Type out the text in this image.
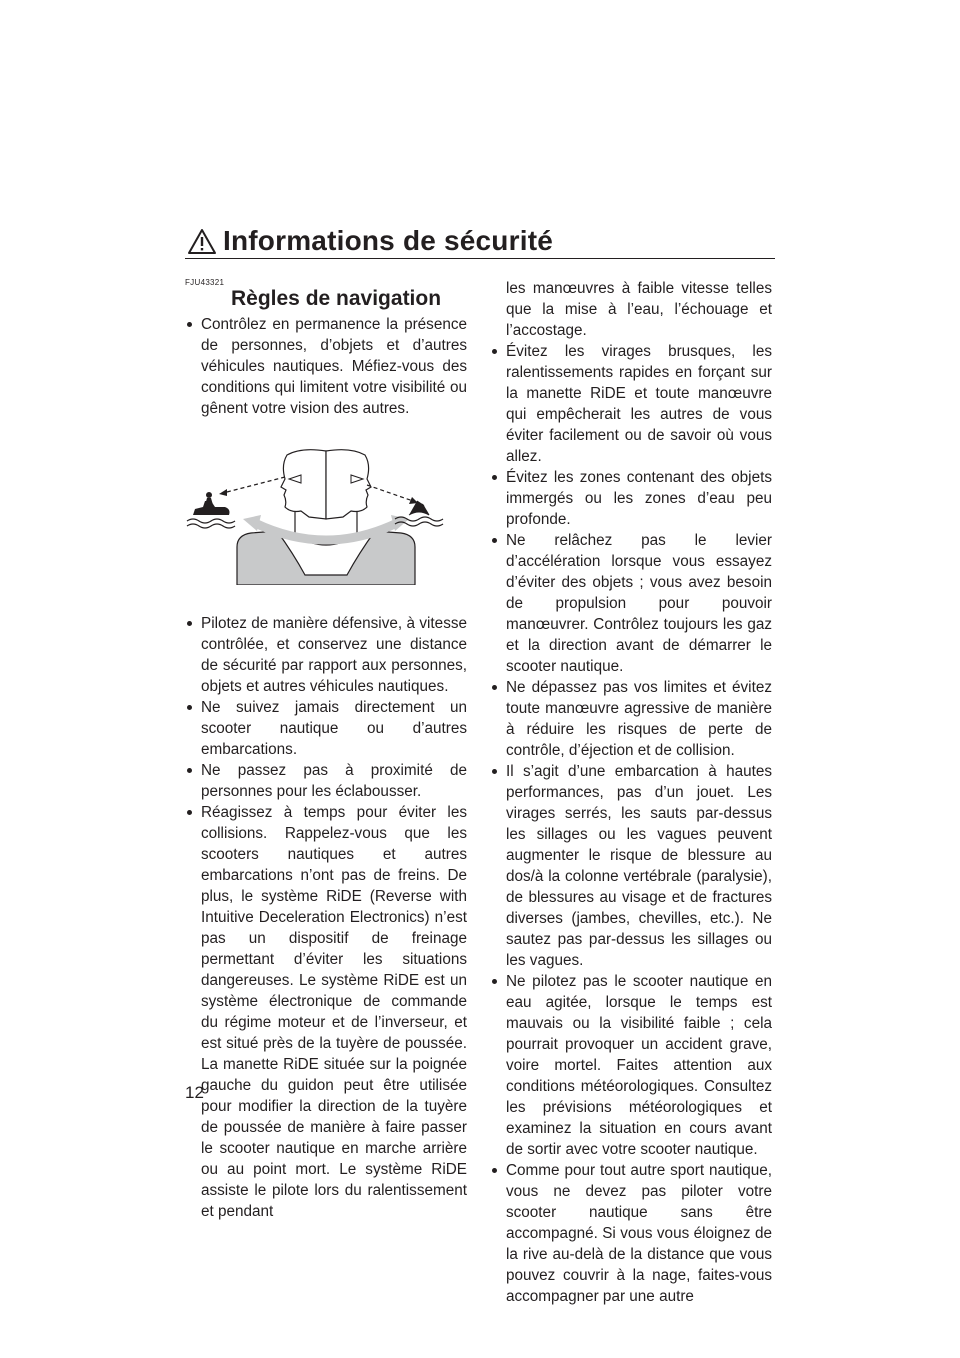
Informations de sécurité
FJU43321
Règles de navigation
Contrôlez en permanence la présence de personnes, d’objets et d’autres véhicules nautiques. Méfiez-vous des conditions qui limitent votre visibilité ou gênent votre vision des autres.
Pilotez de manière défensive, à vitesse contrôlée, et conservez une distance de sécurité par rapport aux personnes, objets et autres véhicules nautiques.
Ne suivez jamais directement un scooter nautique ou d’autres embarcations.
Ne passez pas à proximité de personnes pour les éclabousser.
Réagissez à temps pour éviter les collisions. Rappelez-vous que les scooters nautiques et autres embarcations n’ont pas de freins. De plus, le système RiDE (Reverse with Intuitive Deceleration Electronics) n’est pas un dispositif de freinage permettant d’éviter les situations dangereuses. Le système RiDE est un système électronique de commande du régime moteur et de l’inverseur, et est situé près de la tuyère de poussée. La manette RiDE située sur la poignée gauche du guidon peut être utilisée pour modifier la direction de la tuyère de poussée de manière à faire passer le scooter nautique en marche arrière ou au point mort. Le système RiDE assiste le pilote lors du ralentissement et pendant
les manœuvres à faible vitesse telles que la mise à l’eau, l’échouage et l’accostage.
Évitez les virages brusques, les ralentissements rapides en forçant sur la manette RiDE et toute manœuvre qui empêcherait les autres de vous éviter facilement ou de savoir où vous allez.
Évitez les zones contenant des objets immergés ou les zones d’eau peu profonde.
Ne relâchez pas le levier d’accélération lorsque vous essayez d’éviter des objets ; vous avez besoin de propulsion pour pouvoir manœuvrer. Contrôlez toujours les gaz et la direction avant de démarrer le scooter nautique.
Ne dépassez pas vos limites et évitez toute manœuvre agressive de manière à réduire les risques de perte de contrôle, d’éjection et de collision.
Il s’agit d’une embarcation à hautes performances, pas d’un jouet. Les virages serrés, les sauts par-dessus les sillages ou les vagues peuvent augmenter le risque de blessure au dos/à la colonne vertébrale (paralysie), de blessures au visage et de fractures diverses (jambes, chevilles, etc.). Ne sautez pas par-dessus les sillages ou les vagues.
Ne pilotez pas le scooter nautique en eau agitée, lorsque le temps est mauvais ou la visibilité faible ; cela pourrait provoquer un accident grave, voire mortel. Faites attention aux conditions météorologiques. Consultez les prévisions météorologiques et examinez la situation en cours avant de sortir avec votre scooter nautique.
Comme pour tout autre sport nautique, vous ne devez pas piloter votre scooter nautique sans être accompagné. Si vous vous éloignez de la rive au-delà de la distance que vous pouvez couvrir à la nage, faites-vous accompagner par une autre
12
